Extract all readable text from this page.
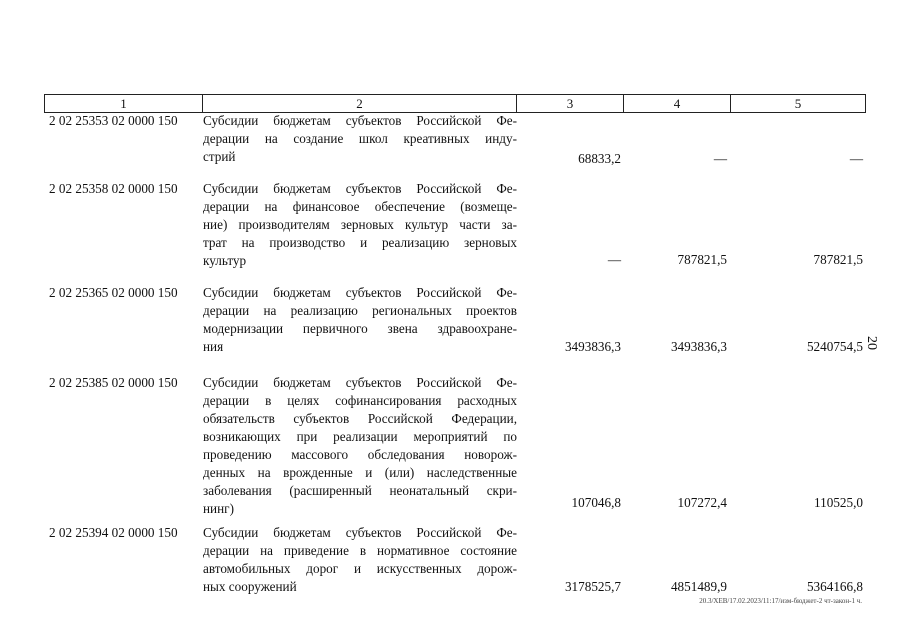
1	2	3	4	5
2 02 25353 02 0000 150 Субсидии бюджетам субъектов Российской Фе-
дерации на создание школ креативных инду-
стрий	68833,2	—	—
2 02 25358 02 0000 150 Субсидии бюджетам субъектов Российской Фе-
дерации на финансовое обеспечение (возмеще-
ние) производителям зерновых культур части за-
трат на производство и реализацию зерновых
культур	—	787821,5	787821,5
2 02 25365 02 0000 150 Субсидии бюджетам субъектов Российской Фе-
дерации на реализацию региональных проектов
модернизации первичного звена здравоохране-
ния	3493836,3	3493836,3	5240754,5
2 02 25385 02 0000 150 Субсидии бюджетам субъектов Российской Фе-
дерации в целях софинансирования расходных
обязательств субъектов Российской Федерации,
возникающих при реализации мероприятий по
проведению массового обследования новорож-
денных на врожденные и (или) наследственные
заболевания (расширенный неонатальный скри-
нинг)	107046,8	107272,4	110525,0
2 02 25394 02 0000 150 Субсидии бюджетам субъектов Российской Фе-
дерации на приведение в нормативное состояние
автомобильных дорог и искусственных дорож-
ных сооружений	3178525,7	4851489,9	5364166,8
20
20.3/XEB/17.02.2023/11:17/изм-бюджет-2 чт-закон-1 ч.
